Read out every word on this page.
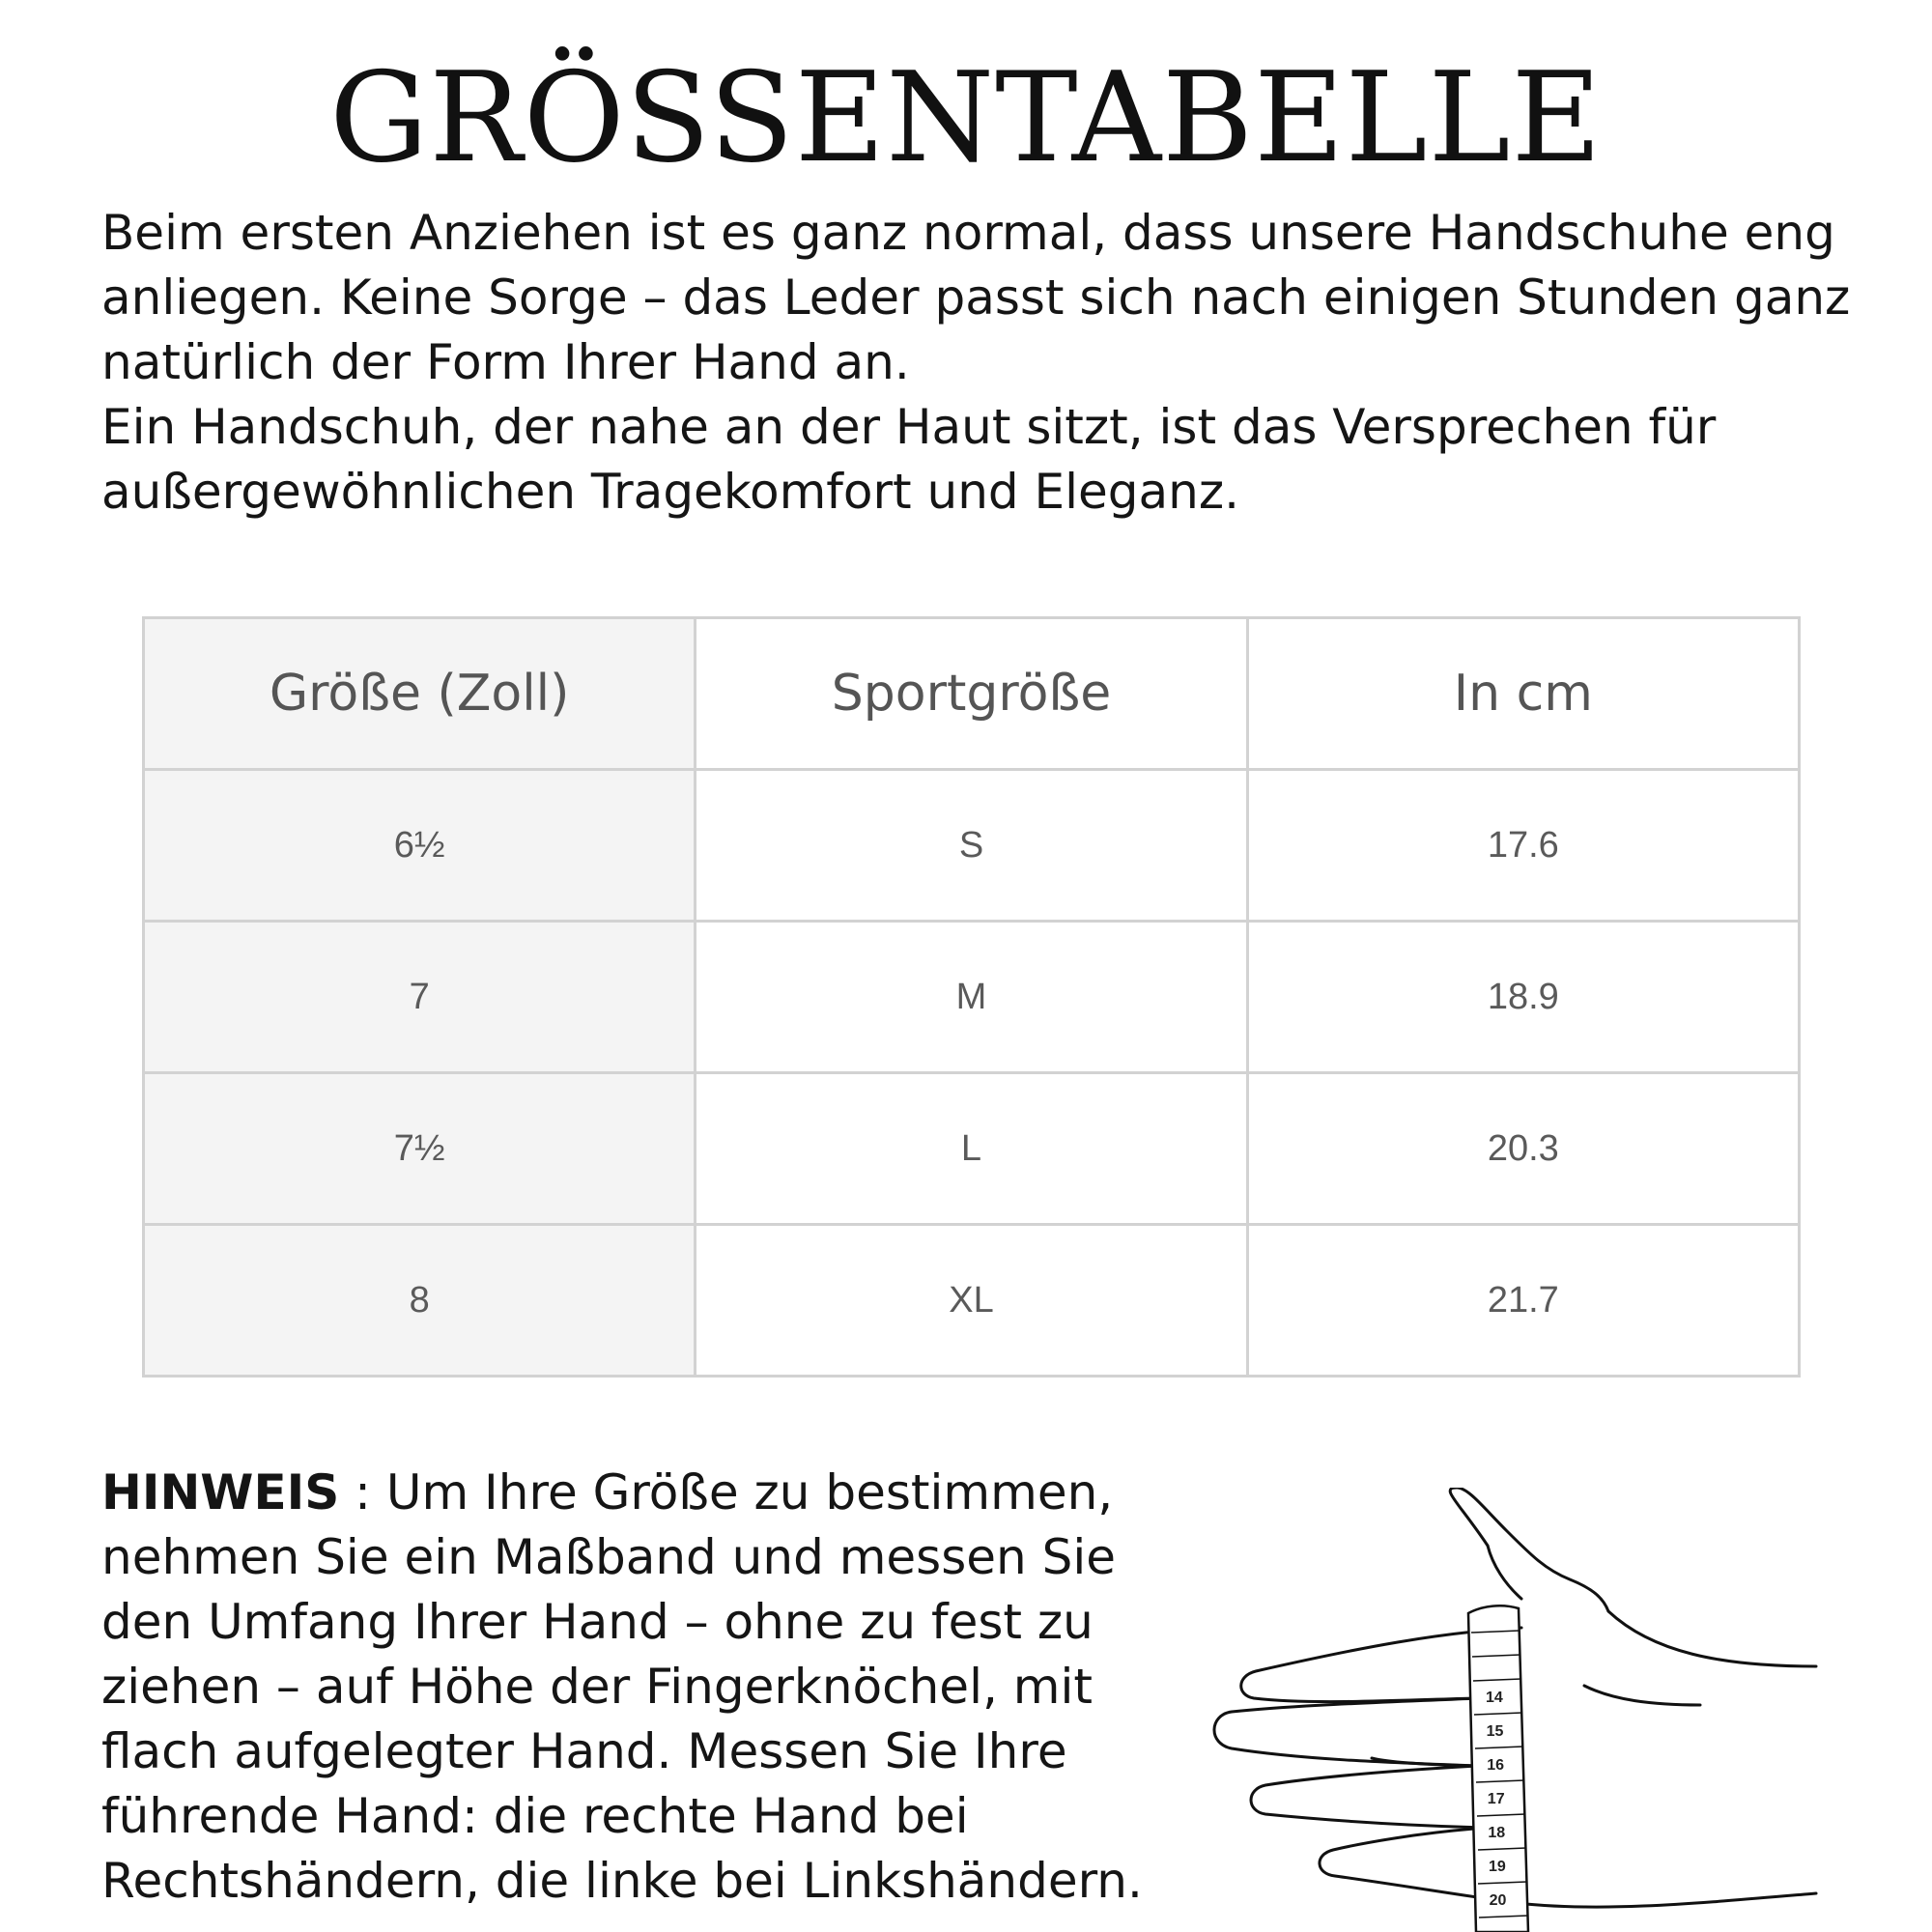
GRÖSSENTABELLE

Beim ersten Anziehen ist es ganz normal, dass unsere Handschuhe eng anliegen. Keine Sorge – das Leder passt sich nach einigen Stunden ganz natürlich der Form Ihrer Hand an.

Ein Handschuh, der nahe an der Haut sitzt, ist das Versprechen für außergewöhnlichen Tragekomfort und Eleganz.

Größe (Zoll)	Sportgröße	In cm
6½	S	17.6
7	M	18.9
7½	L	20.3
8	XL	21.7

HINWEIS : Um Ihre Größe zu bestimmen, nehmen Sie ein Maßband und messen Sie den Umfang Ihrer Hand – ohne zu fest zu ziehen – auf Höhe der Fingerknöchel, mit flach aufgelegter Hand. Messen Sie Ihre führende Hand: die rechte Hand bei Rechtshändern, die linke bei Linkshändern.

14
15
16
17
18
19
20
